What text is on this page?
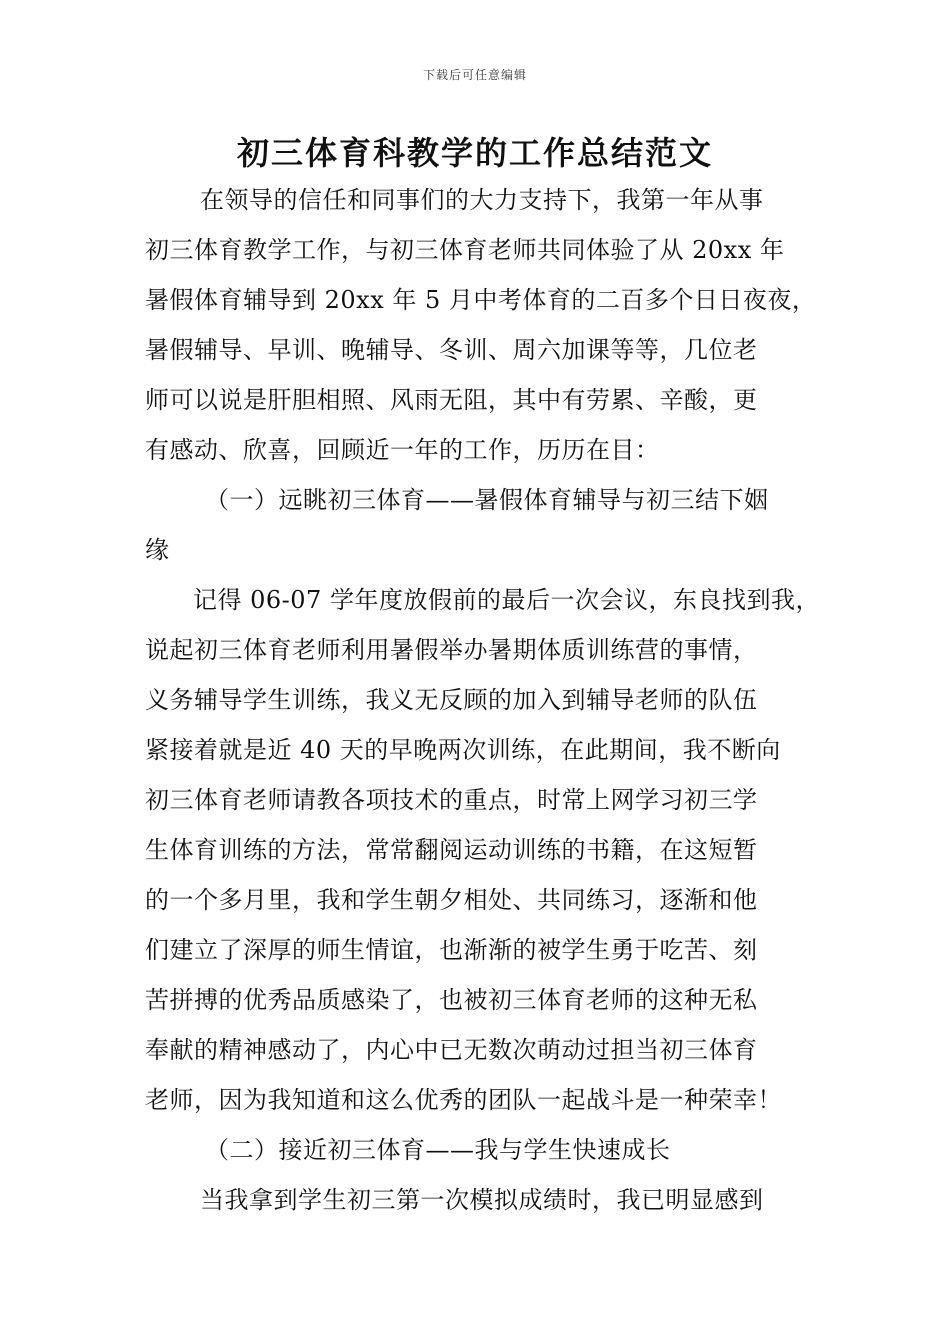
下载后可任意编辑
初三体育科教学的工作总结范文
在领导的信任和同事们的大力支持下，我第一年从事
初三体育教学工作，与初三体育老师共同体验了从 20xx 年
暑假体育辅导到 20xx 年 5 月中考体育的二百多个日日夜夜，
暑假辅导、早训、晚辅导、冬训、周六加课等等，几位老
师可以说是肝胆相照、风雨无阻，其中有劳累、辛酸，更
有感动、欣喜，回顾近一年的工作，历历在目：
（一）远眺初三体育——暑假体育辅导与初三结下姻
缘
记得 06-07 学年度放假前的最后一次会议，东良找到我，
说起初三体育老师利用暑假举办暑期体质训练营的事情，
义务辅导学生训练，我义无反顾的加入到辅导老师的队伍
紧接着就是近 40 天的早晚两次训练，在此期间，我不断向
初三体育老师请教各项技术的重点，时常上网学习初三学
生体育训练的方法，常常翻阅运动训练的书籍，在这短暂
的一个多月里，我和学生朝夕相处、共同练习，逐渐和他
们建立了深厚的师生情谊，也渐渐的被学生勇于吃苦、刻
苦拼搏的优秀品质感染了，也被初三体育老师的这种无私
奉献的精神感动了，内心中已无数次萌动过担当初三体育
老师，因为我知道和这么优秀的团队一起战斗是一种荣幸！
（二）接近初三体育——我与学生快速成长
当我拿到学生初三第一次模拟成绩时，我已明显感到
